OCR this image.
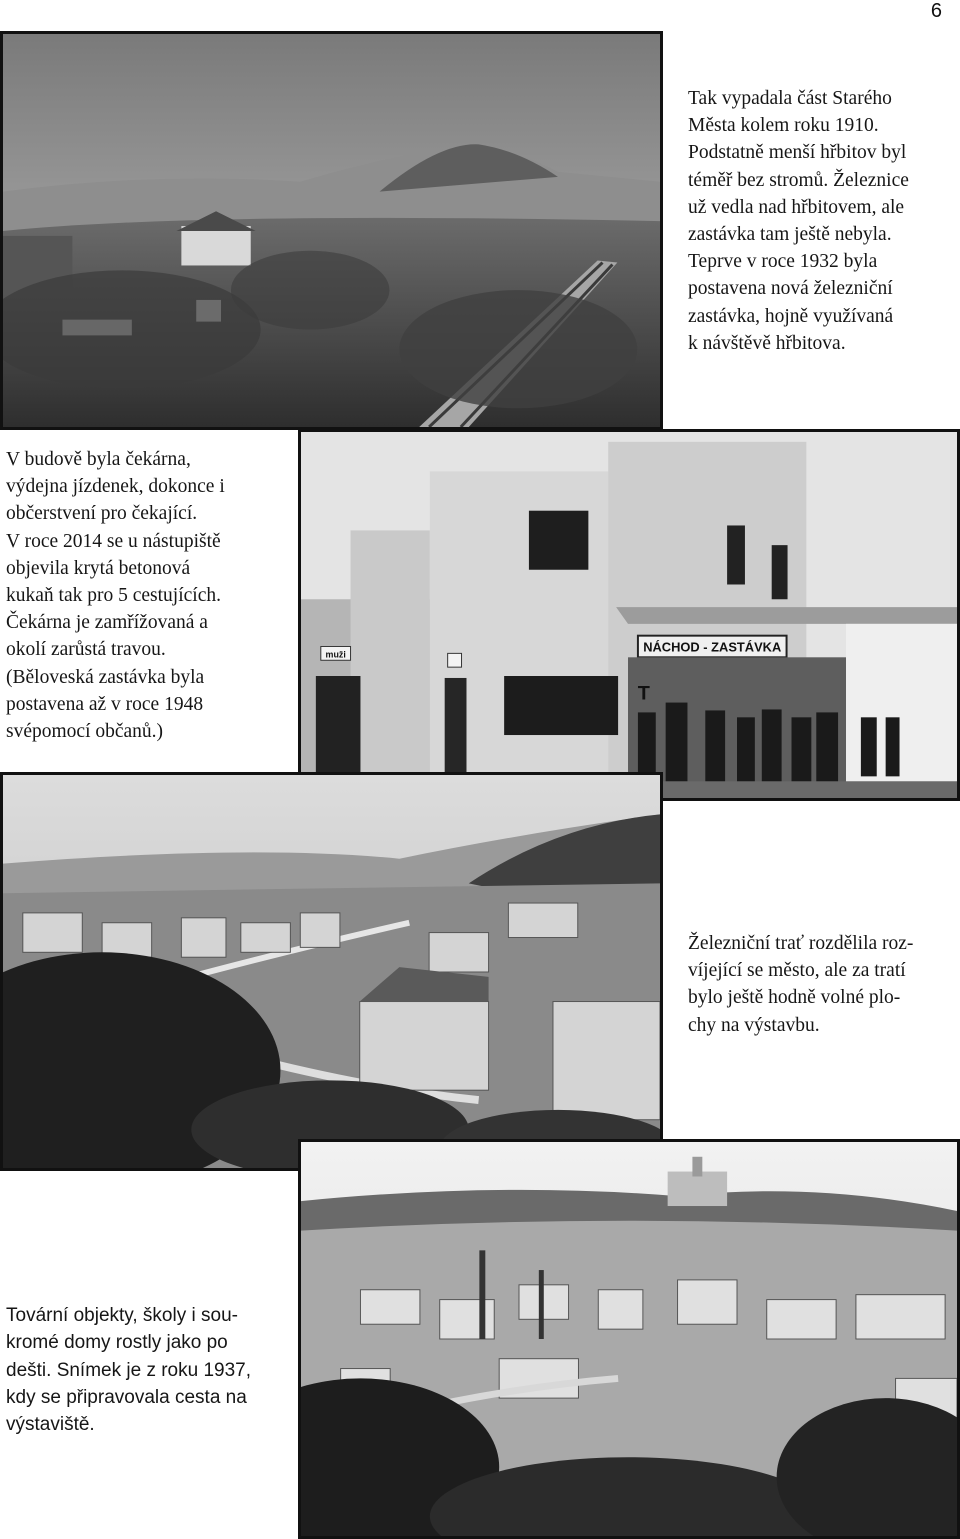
6
NÁCHOD - ZASTÁVKA
muži
T
Tak vypadala část Starého
Města kolem roku 1910.
Podstatně menší hřbitov byl
téměř bez stromů. Železnice
už vedla nad hřbitovem, ale
zastávka tam ještě nebyla.
Teprve v roce 1932 byla
postavena nová železniční
zastávka, hojně využívaná
k návštěvě hřbitova.
V budově byla čekárna,
výdejna jízdenek, dokonce i
občerstvení pro čekající.
V roce 2014 se u nástupiště
objevila krytá betonová
kukaň tak pro 5 cestujících.
Čekárna je zamřížovaná a
okolí zarůstá travou.
(Běloveská zastávka byla
postavena až v roce 1948
svépomocí občanů.)
Železniční trať rozdělila roz-
víjející se město, ale za tratí
bylo ještě hodně volné plo-
chy na výstavbu.
Tovární objekty, školy i sou-
kromé domy rostly jako po
dešti. Snímek je z roku 1937,
kdy se připravovala cesta na
výstaviště.
